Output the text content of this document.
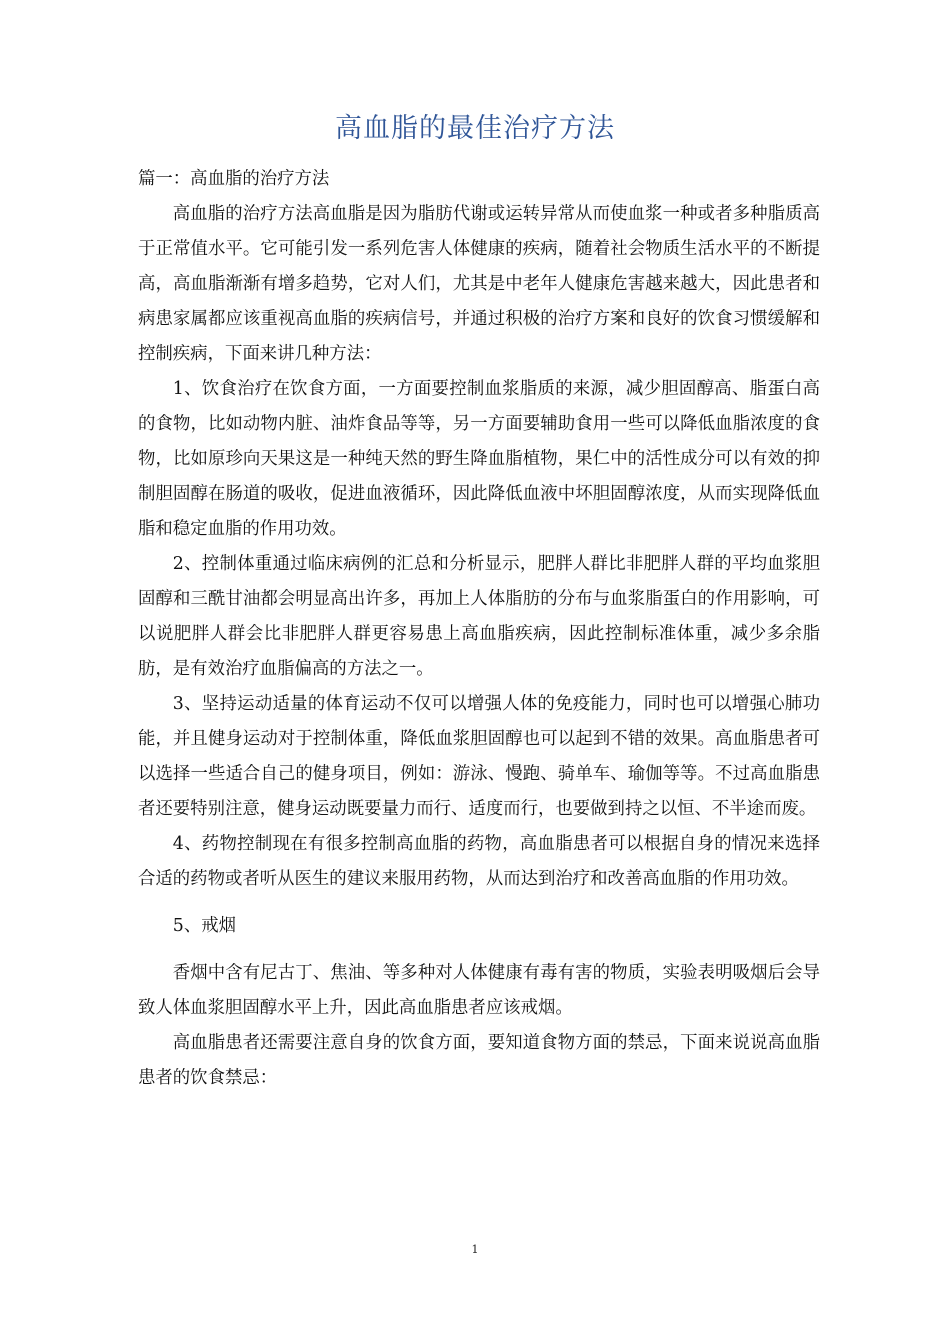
高血脂的最佳治疗方法

篇一：高血脂的治疗方法

高血脂的治疗方法高血脂是因为脂肪代谢或运转异常从而使血浆一种或者多种脂质高于正常值水平。它可能引发一系列危害人体健康的疾病，随着社会物质生活水平的不断提高，高血脂渐渐有增多趋势，它对人们，尤其是中老年人健康危害越来越大，因此患者和病患家属都应该重视高血脂的疾病信号，并通过积极的治疗方案和良好的饮食习惯缓解和控制疾病，下面来讲几种方法：

1、饮食治疗在饮食方面，一方面要控制血浆脂质的来源，减少胆固醇高、脂蛋白高的食物，比如动物内脏、油炸食品等等，另一方面要辅助食用一些可以降低血脂浓度的食物，比如原珍向天果这是一种纯天然的野生降血脂植物，果仁中的活性成分可以有效的抑制胆固醇在肠道的吸收，促进血液循环，因此降低血液中坏胆固醇浓度，从而实现降低血脂和稳定血脂的作用功效。

2、控制体重通过临床病例的汇总和分析显示，肥胖人群比非肥胖人群的平均血浆胆固醇和三酰甘油都会明显高出许多，再加上人体脂肪的分布与血浆脂蛋白的作用影响，可以说肥胖人群会比非肥胖人群更容易患上高血脂疾病，因此控制标准体重，减少多余脂肪，是有效治疗血脂偏高的方法之一。

3、坚持运动适量的体育运动不仅可以增强人体的免疫能力，同时也可以增强心肺功能，并且健身运动对于控制体重，降低血浆胆固醇也可以起到不错的效果。高血脂患者可以选择一些适合自己的健身项目，例如：游泳、慢跑、骑单车、瑜伽等等。不过高血脂患者还要特别注意，健身运动既要量力而行、适度而行，也要做到持之以恒、不半途而废。

4、药物控制现在有很多控制高血脂的药物，高血脂患者可以根据自身的情况来选择合适的药物或者听从医生的建议来服用药物，从而达到治疗和改善高血脂的作用功效。

5、戒烟

香烟中含有尼古丁、焦油、等多种对人体健康有毒有害的物质，实验表明吸烟后会导致人体血浆胆固醇水平上升，因此高血脂患者应该戒烟。

高血脂患者还需要注意自身的饮食方面，要知道食物方面的禁忌，下面来说说高血脂患者的饮食禁忌：

1
